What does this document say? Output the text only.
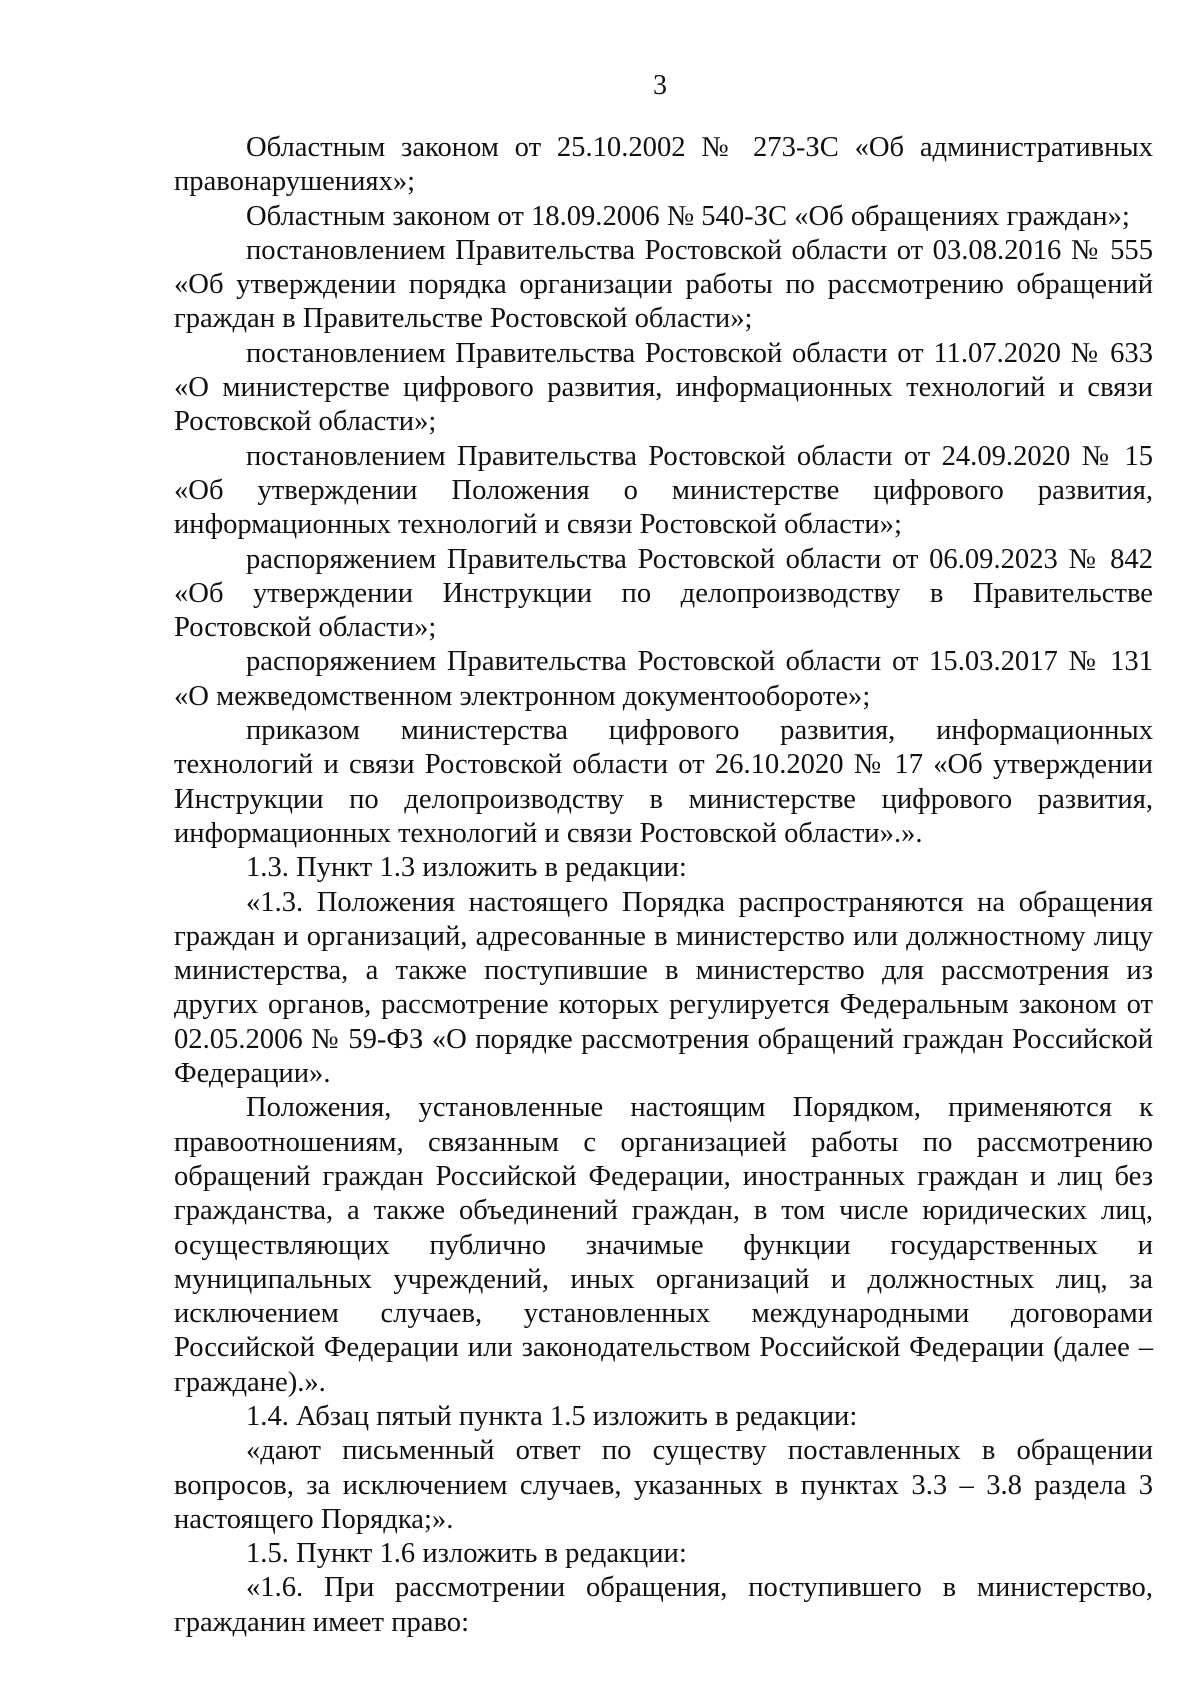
3

Областным законом от 25.10.2002 № 273-ЗС «Об административных правонарушениях»;

Областным законом от 18.09.2006 № 540-ЗС «Об обращениях граждан»;

постановлением Правительства Ростовской области от 03.08.2016 № 555 «Об утверждении порядка организации работы по рассмотрению обращений граждан в Правительстве Ростовской области»;

постановлением Правительства Ростовской области от 11.07.2020 № 633 «О министерстве цифрового развития, информационных технологий и связи Ростовской области»;

постановлением Правительства Ростовской области от 24.09.2020 № 15 «Об утверждении Положения о министерстве цифрового развития, информационных технологий и связи Ростовской области»;

распоряжением Правительства Ростовской области от 06.09.2023 № 842 «Об утверждении Инструкции по делопроизводству в Правительстве Ростовской области»;

распоряжением Правительства Ростовской области от 15.03.2017 № 131 «О межведомственном электронном документообороте»;

приказом министерства цифрового развития, информационных технологий и связи Ростовской области от 26.10.2020 № 17 «Об утверждении Инструкции по делопроизводству в министерстве цифрового развития, информационных технологий и связи Ростовской области».».

1.3. Пункт 1.3 изложить в редакции:

«1.3. Положения настоящего Порядка распространяются на обращения граждан и организаций, адресованные в министерство или должностному лицу министерства, а также поступившие в министерство для рассмотрения из других органов, рассмотрение которых регулируется Федеральным законом от 02.05.2006 № 59-ФЗ «О порядке рассмотрения обращений граждан Российской Федерации».

Положения, установленные настоящим Порядком, применяются к правоотношениям, связанным с организацией работы по рассмотрению обращений граждан Российской Федерации, иностранных граждан и лиц без гражданства, а также объединений граждан, в том числе юридических лиц, осуществляющих публично значимые функции государственных и муниципальных учреждений, иных организаций и должностных лиц, за исключением случаев, установленных международными договорами Российской Федерации или законодательством Российской Федерации (далее – граждане).».

1.4. Абзац пятый пункта 1.5 изложить в редакции:

«дают письменный ответ по существу поставленных в обращении вопросов, за исключением случаев, указанных в пунктах 3.3 – 3.8 раздела 3 настоящего Порядка;».

1.5. Пункт 1.6 изложить в редакции:

«1.6. При рассмотрении обращения, поступившего в министерство, гражданин имеет право:
